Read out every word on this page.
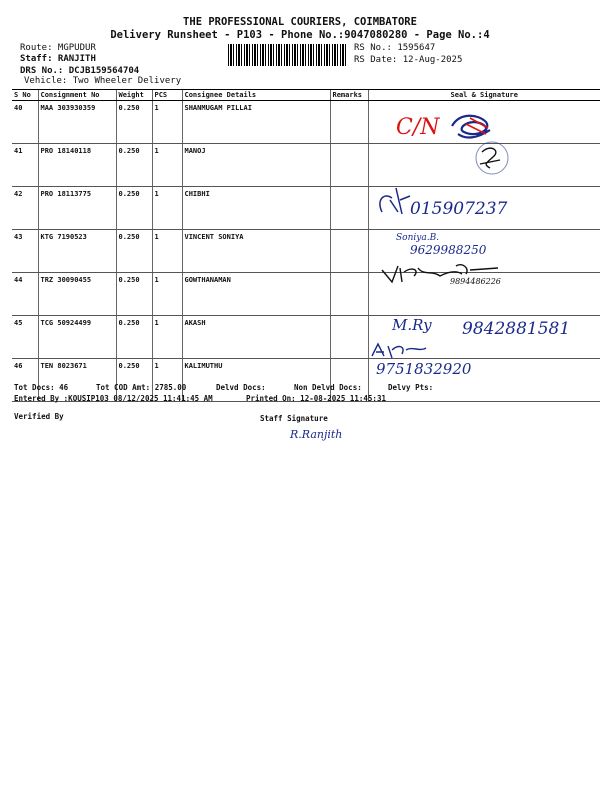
THE PROFESSIONAL COURIERS, COIMBATORE
Delivery Runsheet - P103 - Phone No.:9047080280 - Page No.:4
Route: MGPUDUR
Staff: RANJITH
DRS No.: DCJB159564704
Vehicle: Two Wheeler Delivery
RS No.: 1595647
RS Date: 12-Aug-2025
S No	Consignment No	Weight	PCS	Consignee Details	Remarks	Seal & Signature
40	MAA 303930359	0.250	1	SHANMUGAM PILLAI		
41	PRO 18140118	0.250	1	MANOJ		
42	PRO 18113775	0.250	1	CHIBHI		
43	KTG 7190523	0.250	1	VINCENT SONIYA		
44	TRZ 30090455	0.250	1	GOWTHANAMAN		
45	TCG 50924499	0.250	1	AKASH		
46	TEN 8023671	0.250	1	KALIMUTHU		
C/N
015907237
Soniya.B.
9629988250
9894486226
M.Ry 9842881581
9751832920
R.Ranjith
Tot Docs: 46	Tot COD Amt: 2785.00	Delvd Docs:	Non Delvd Docs:	Delvy Pts:
Entered By :KOUSIP103 08/12/2025 11:41:45 AM	Printed On: 12-08-2025 11:45:31
Verified By	Staff Signature
